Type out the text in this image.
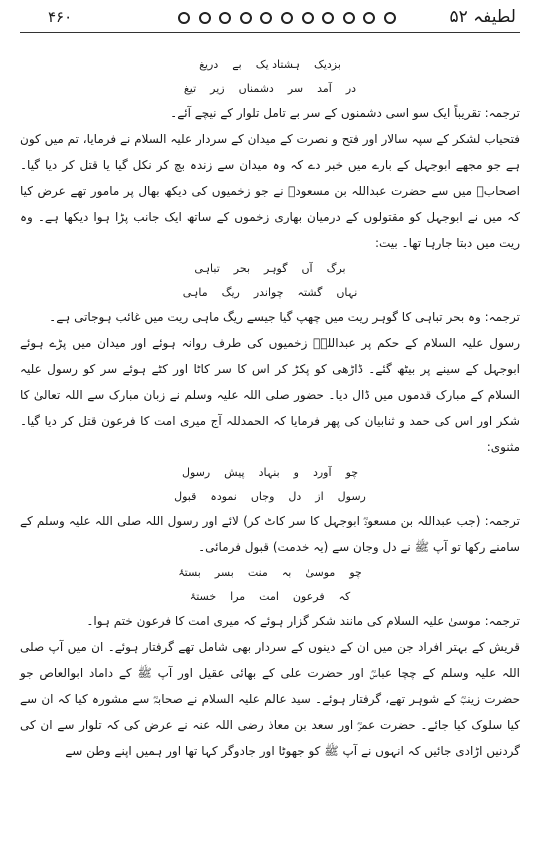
لطیفہ ۵۲
۴۶۰
بزدیک
ہشتاد یک
بے
دریغ
در
آمد
سر
دشمناں
زیر
تیغ

ترجمہ: تقریباً ایک سو اسی دشمنوں کے سر بے تامل تلوار کے نیچے آئے۔

فتحیاب لشکر کے سپہ سالار اور فتح و نصرت کے میدان کے سردار علیہ السلام نے فرمایا، تم میں کون ہے جو مجھے ابوجہل کے بارے میں خبر دے کہ وہ میدان سے زندہ بچ کر نکل گیا یا قتل کر دیا گیا۔ اصحابؓ میں سے حضرت عبداللہ بن مسعودؓ نے جو زخمیوں کی دیکھ بھال پر مامور تھے عرض کیا کہ میں نے ابوجہل کو مقتولوں کے درمیان بھاری زخموں کے ساتھ ایک جانب پڑا ہوا دیکھا ہے۔ وہ ریت میں دبتا جارہا تھا۔ بیت:

برگ
آں
گوہر
بحر
تباہی
نہاں
گشتہ
چواندر
ریگ
ماہی

ترجمہ: وہ بحر تباہی کا گوہر ریت میں چھپ گیا جیسے ریگ ماہی ریت میں غائب ہوجاتی ہے۔

رسول علیہ السلام کے حکم پر عبداللہؓ زخمیوں کی طرف روانہ ہوئے اور میدان میں پڑے ہوئے ابوجہل کے سینے پر بیٹھ گئے۔ ڈاڑھی کو پکڑ کر اس کا سر کاٹا اور کٹے ہوئے سر کو رسول علیہ السلام کے مبارک قدموں میں ڈال دیا۔ حضور صلی اللہ علیہ وسلم نے زبان مبارک سے اللہ تعالیٰ کا شکر اور اس کی حمد و ثنابیان کی پھر فرمایا کہ الحمدللہ آج میری امت کا فرعون قتل کر دیا گیا۔ مثنوی:

چو
آورد
و
بنہاد
پیش
رسول
رسول
از
دل
وجاں
نمودہ
قبول

ترجمہ: (جب عبداللہ بن مسعودؓ ابوجہل کا سر کاٹ کر) لائے اور رسول اللہ صلی اللہ علیہ وسلم کے سامنے رکھا تو آپ ﷺ نے دل وجان سے (یہ خدمت) قبول فرمائی۔

چو
موسیٰ
بہ
منت
بسر
بستۂ
کہ
فرعون
امت
مرا
خستۂ

ترجمہ: موسیٰ علیہ السلام کی مانند شکر گزار ہوئے کہ میری امت کا فرعون ختم ہوا۔

قریش کے بہتر افراد جن میں ان کے دینوں کے سردار بھی شامل تھے گرفتار ہوئے۔ ان میں آپ صلی اللہ علیہ وسلم کے چچا عباسؓ اور حضرت علی کے بھائی عقیل اور آپ ﷺ کے داماد ابوالعاص جو حضرت زینبؓ کے شوہر تھے، گرفتار ہوئے۔ سید عالم علیہ السلام نے صحابہؓ سے مشورہ کیا کہ ان سے کیا سلوک کیا جائے۔ حضرت عمرؓ اور سعد بن معاذ رضی اللہ عنہ نے عرض کی کہ تلوار سے ان کی گردنیں اڑادی جائیں کہ انہوں نے آپ ﷺ کو جھوٹا اور جادوگر کہا تھا اور ہمیں اپنے وطن سے
